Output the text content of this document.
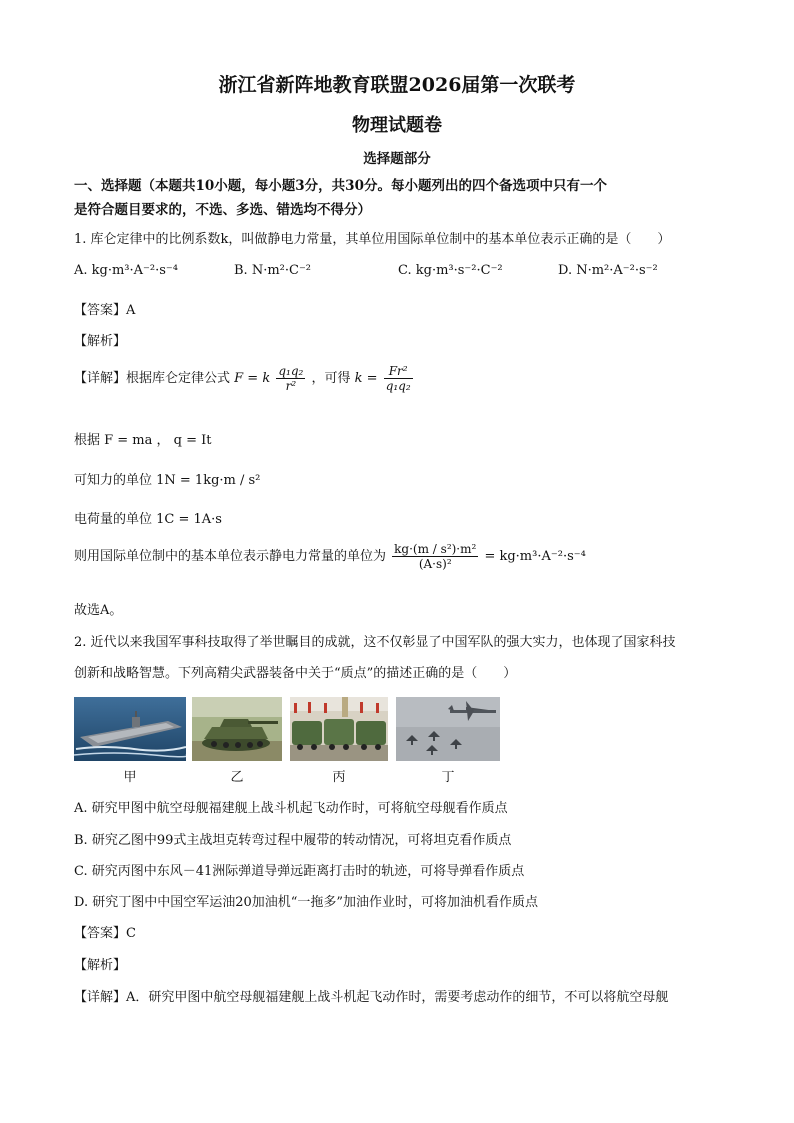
浙江省新阵地教育联盟2026届第一次联考
物理试题卷
选择题部分
一、选择题（本题共10小题，每小题3分，共30分。每小题列出的四个备选项中只有一个
是符合题目要求的，不选、多选、错选均不得分）
1. 库仑定律中的比例系数k，叫做静电力常量，其单位用国际单位制中的基本单位表示正确的是（　　）
A. kg·m³·A⁻²·s⁻⁴	B. N·m²·C⁻²	C. kg·m³·s⁻²·C⁻²	D. N·m²·A⁻²·s⁻²
【答案】A
【解析】
【详解】根据库仑定律公式 F = k $\frac{\text{q₁q₂}}{\text{r²}}$ ，可得 $k = \frac{\text{Fr²}}{\text{q₁q₂}}$
根据 F = ma ， q = It
可知力的单位 1N = 1kg·m / s²
电荷量的单位 1C = 1A·s
则用国际单位制中的基本单位表示静电力常量的单位为 $\frac{\text{kg·(m / s²)·m²}}{\text{(A·s)²}} = kg\cdot m^3\cdot A^{-2}\cdot s^{-4}$
故选A。
2. 近代以来我国军事科技取得了举世瞩目的成就，这不仅彰显了中国军队的强大实力，也体现了国家科技
创新和战略智慧。下列高精尖武器装备中关于“质点”的描述正确的是（　　）
甲	乙	丙	丁
A. 研究甲图中航空母舰福建舰上战斗机起飞动作时，可将航空母舰看作质点
B. 研究乙图中99式主战坦克转弯过程中履带的转动情况，可将坦克看作质点
C. 研究丙图中东风－41洲际弹道导弹远距离打击时的轨迹，可将导弹看作质点
D. 研究丁图中中国空军运油20加油机“一拖多”加油作业时，可将加油机看作质点
【答案】C
【解析】
【详解】A．研究甲图中航空母舰福建舰上战斗机起飞动作时，需要考虑动作的细节，不可以将航空母舰
